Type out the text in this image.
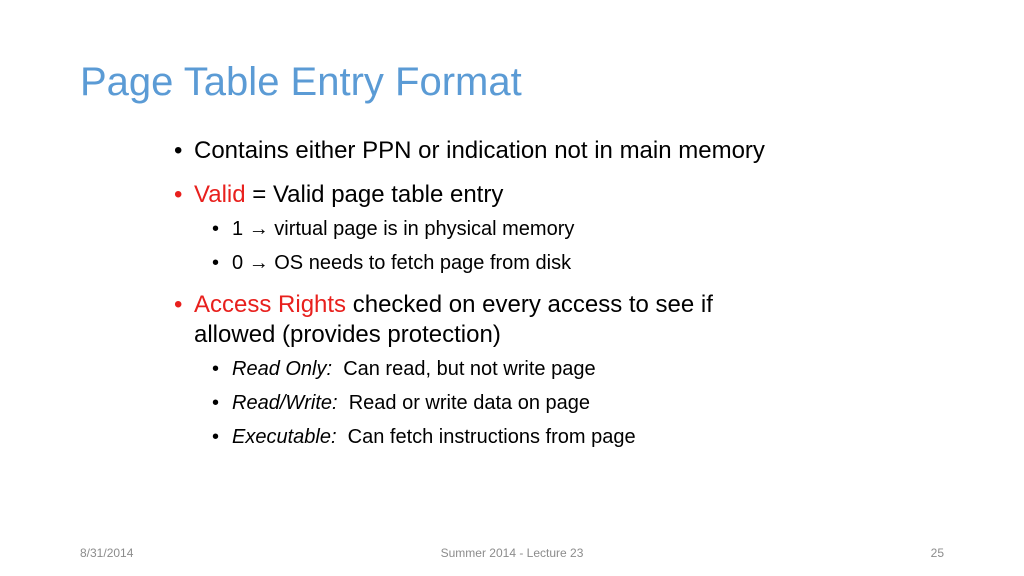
Page Table Entry Format
• Contains either PPN or indication not in main memory
• Valid = Valid page table entry
• 1 → virtual page is in physical memory
• 0 → OS needs to fetch page from disk
• Access Rights checked on every access to see if
allowed (provides protection)
• Read Only: Can read, but not write page
• Read/Write: Read or write data on page
• Executable: Can fetch instructions from page
8/31/2014	Summer 2014 - Lecture 23	25
